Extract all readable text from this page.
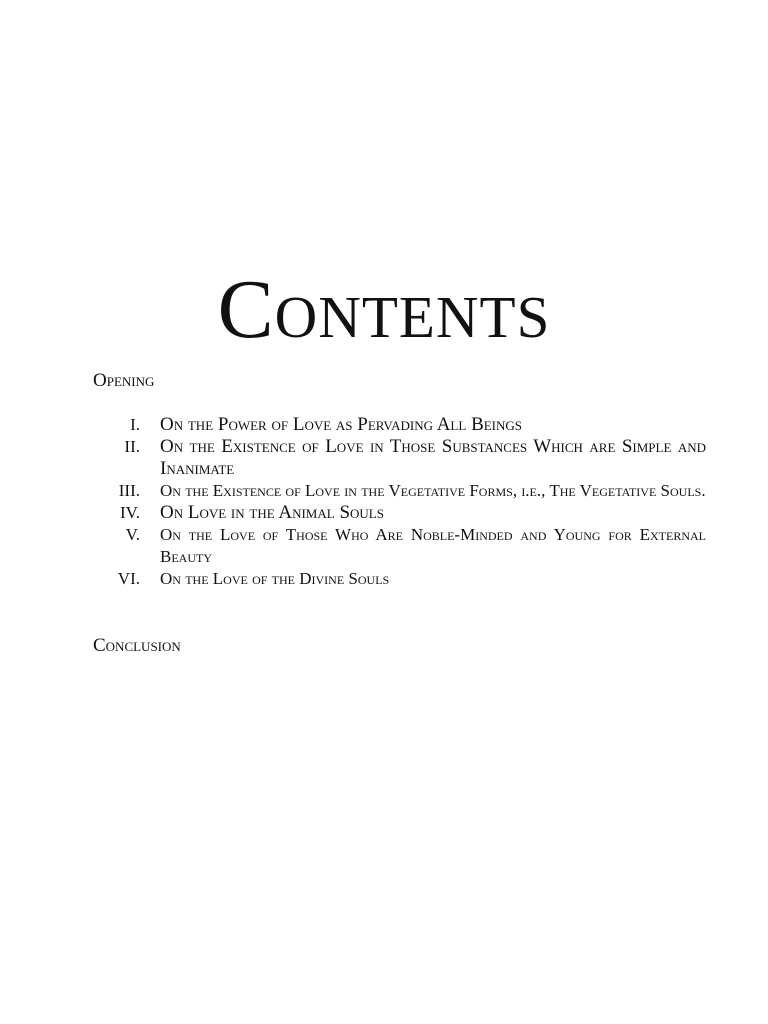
Contents
Opening
I. On the Power of Love as Pervading All Beings
II. On the Existence of Love in Those Substances Which are Simple and Inanimate
III. On the Existence of Love in the Vegetative Forms, i.e., The Vegetative Souls.
IV. On Love in the Animal Souls
V. On the Love of Those Who Are Noble-Minded and Young for External Beauty
VI. On the Love of the Divine Souls
Conclusion
